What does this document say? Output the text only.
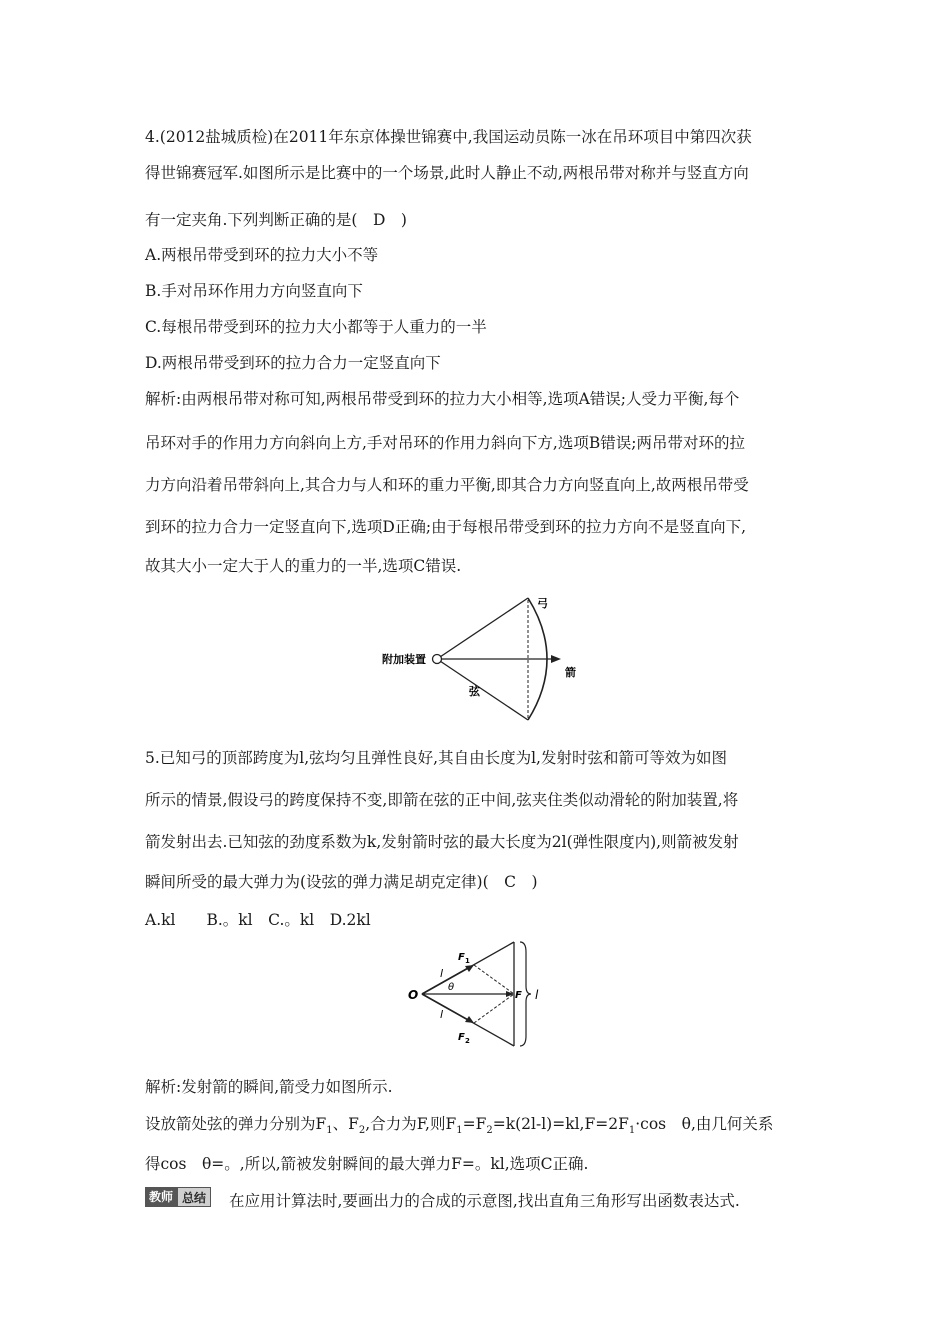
4.(2012盐城质检)在2011年东京体操世锦赛中,我国运动员陈一冰在吊环项目中第四次获
得世锦赛冠军.如图所示是比赛中的一个场景,此时人静止不动,两根吊带对称并与竖直方向
有一定夹角.下列判断正确的是(　D　)
A.两根吊带受到环的拉力大小不等
B.手对吊环作用力方向竖直向下
C.每根吊带受到环的拉力大小都等于人重力的一半
D.两根吊带受到环的拉力合力一定竖直向下
解析:由两根吊带对称可知,两根吊带受到环的拉力大小相等,选项A错误;人受力平衡,每个
吊环对手的作用力方向斜向上方,手对吊环的作用力斜向下方,选项B错误;两吊带对环的拉
力方向沿着吊带斜向上,其合力与人和环的重力平衡,即其合力方向竖直向上,故两根吊带受
到环的拉力合力一定竖直向下,选项D正确;由于每根吊带受到环的拉力方向不是竖直向下,
故其大小一定大于人的重力的一半,选项C错误.
弓
附加装置
箭
弦
5.已知弓的顶部跨度为l,弦均匀且弹性良好,其自由长度为l,发射时弦和箭可等效为如图
所示的情景,假设弓的跨度保持不变,即箭在弦的正中间,弦夹住类似动滑轮的附加装置,将
箭发射出去.已知弦的劲度系数为k,发射箭时弦的最大长度为2l(弹性限度内),则箭被发射
瞬间所受的最大弹力为(设弦的弹力满足胡克定律)(　C　)
A.kl　　B.。kl　C.。kl　D.2kl
O
l
l
θ
F 1
F 2
F l
解析:发射箭的瞬间,箭受力如图所示.
设放箭处弦的弹力分别为$F_1$、$F_2$,合力为F,则$F_1=F_2=k(2l-l)=kl,F=2F_1\cdot\cos$　θ,由几何关系
得cos　θ=。,所以,箭被发射瞬间的最大弹力F=。kl,选项C正确.
教师 总结	在应用计算法时,要画出力的合成的示意图,找出直角三角形写出函数表达式.
